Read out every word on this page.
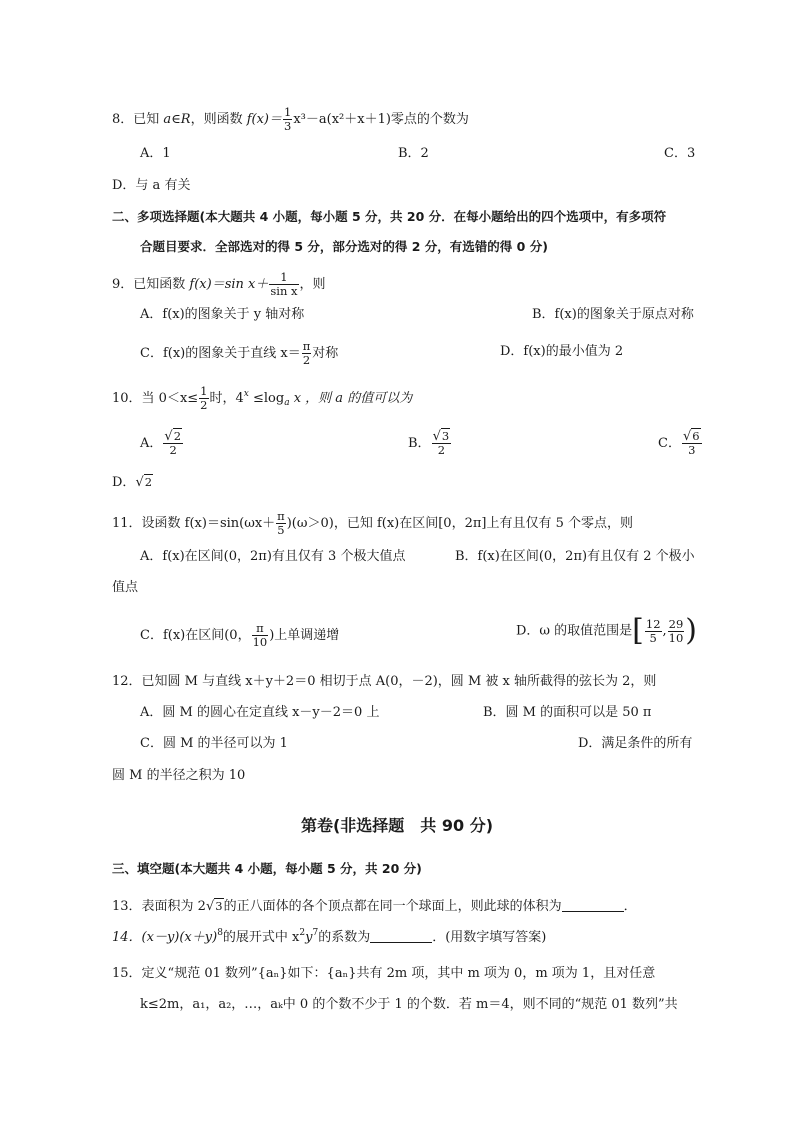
8．已知 a∈R，则函数 $f(x)= \frac{1}{3} x^3-a(x^2+x+1)$零点的个数为
A．1	B．2	C．3
D．与 a 有关
二、多项选择题(本大题共 4 小题，每小题 5 分，共 20 分．在每小题给出的四个选项中，有多项符
合题目要求．全部选对的得 5 分，部分选对的得 2 分，有选错的得 0 分)
9．已知函数 f(x)＝sin $x+ \frac{1}{\text{sin x}}$ ，则
A．f(x)的图象关于 y 轴对称	B．f(x)的图象关于原点对称
C．f(x)的图象关于直线 $x= \frac{\pi}{2}$ 对称	D．f(x)的最小值为 2
10．当 $0<x\le \frac{1}{2}$ 时，$4^x \le\log_a$ x ，则 a 的值可以为
A． $\frac{√2}{2}$	B． $\frac{√3}{2}$	C． $\frac{√6}{3}$
D．√2
11．设函数 $f(x)=\sin(\omega x+ \frac{\pi}{5} )(\omega>0)$，已知 f(x)在区间[0，2π]上有且仅有 5 个零点，则
A．f(x)在区间(0，2π)有且仅有 3 个极大值点	B．f(x)在区间(0，2π)有且仅有 2 个极小
值点
C．f(x)在区间(0， $\frac{\pi}{10}$ )上单调递增	D．ω 的取值范围是[ $\frac{12}{5}$ , $\frac{29}{10}$ )
12．已知圆 M 与直线 x＋y＋2＝0 相切于点 A(0，－2)，圆 M 被 x 轴所截得的弦长为 2，则
A．圆 M 的圆心在定直线 x－y－2＝0 上	B．圆 M 的面积可以是 50 π
C．圆 M 的半径可以为 1	D．满足条件的所有
圆 M 的半径之积为 10
第卷(非选择题　共 90 分)
三、填空题(本大题共 4 小题，每小题 5 分，共 20 分)
13．表面积为 2√3的正八面体的各个顶点都在同一个球面上，则此球的体积为	．
14．$(x-y)(x+y)^8$的展开式中 $x^2y^7$的系数为	．(用数字填写答案)
15．定义“规范 01 数列”{aₙ}如下：{aₙ}共有 2m 项，其中 m 项为 0，m 项为 1，且对任意
k≤2m，a₁，a₂，…，aₖ中 0 的个数不少于 1 的个数．若 m＝4，则不同的“规范 01 数列”共
